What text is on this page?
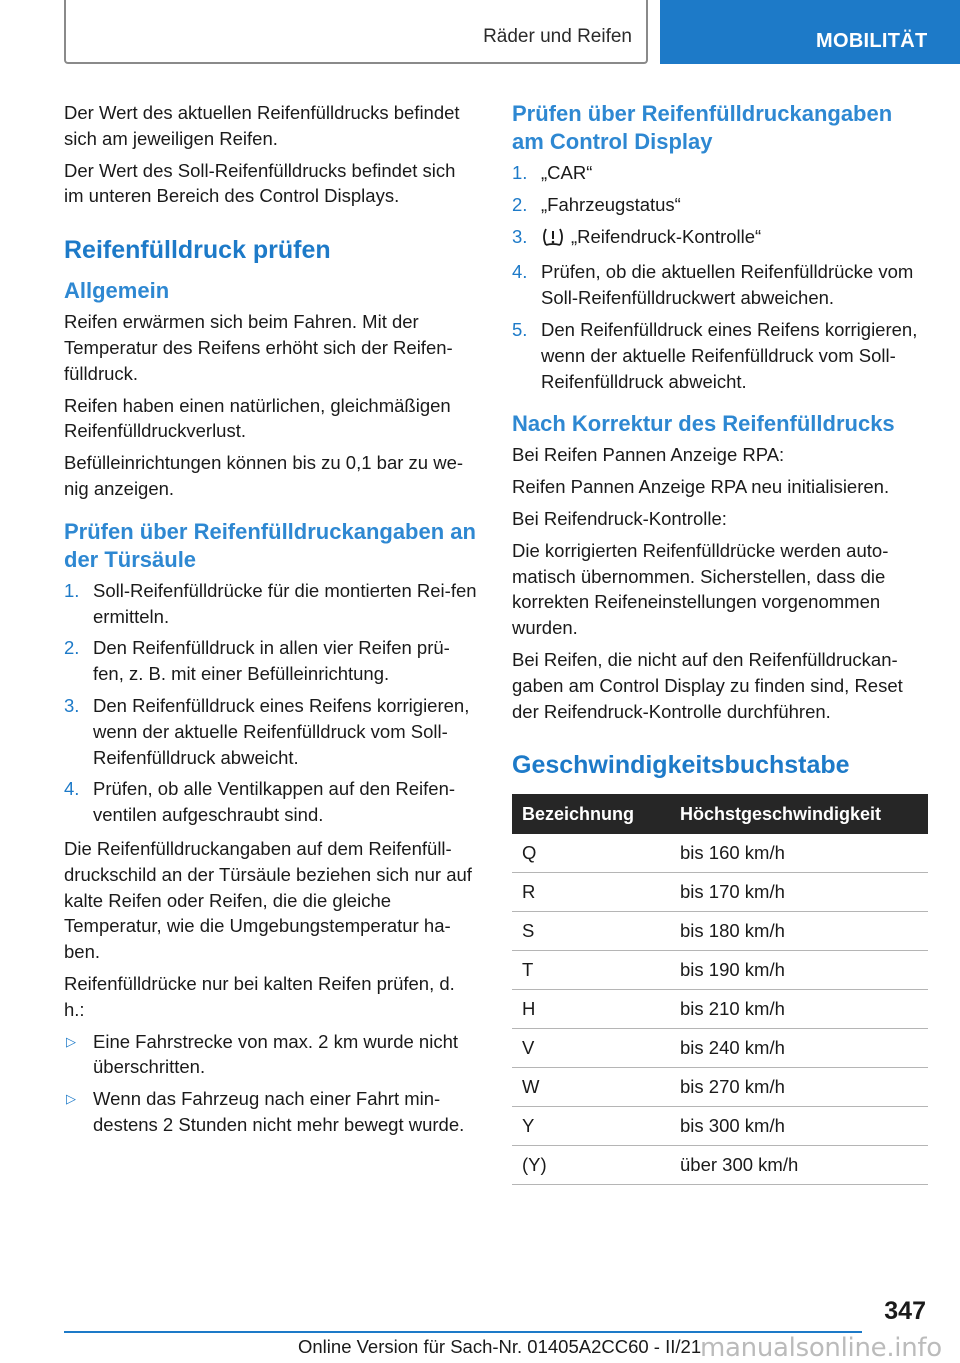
Räder und Reifen	MOBILITÄT

Der Wert des aktuellen Reifenfülldrucks befindet sich am jeweiligen Reifen.

Der Wert des Soll-Reifenfülldrucks befindet sich im unteren Bereich des Control Displays.

Reifenfülldruck prüfen
Allgemein

Reifen erwärmen sich beim Fahren. Mit der Temperatur des Reifens erhöht sich der Reifen-fülldruck.

Reifen haben einen natürlichen, gleichmäßigen Reifenfülldruckverlust.

Befülleinrichtungen können bis zu 0,1 bar zu we-nig anzeigen.

Prüfen über Reifenfülldruckangaben an der Türsäule
1. Soll-Reifenfülldrücke für die montierten Rei-fen ermitteln.
2. Den Reifenfülldruck in allen vier Reifen prü-fen, z. B. mit einer Befülleinrichtung.
3. Den Reifenfülldruck eines Reifens korrigieren, wenn der aktuelle Reifenfülldruck vom Soll-Reifenfülldruck abweicht.
4. Prüfen, ob alle Ventilkappen auf den Reifen-ventilen aufgeschraubt sind.

Die Reifenfülldruckangaben auf dem Reifenfüll-druckschild an der Türsäule beziehen sich nur auf kalte Reifen oder Reifen, die die gleiche Temperatur, wie die Umgebungstemperatur ha-ben.

Reifenfülldrücke nur bei kalten Reifen prüfen, d. h.:

▷ Eine Fahrstrecke von max. 2 km wurde nicht überschritten.
▷ Wenn das Fahrzeug nach einer Fahrt min-destens 2 Stunden nicht mehr bewegt wurde.
Prüfen über Reifenfülldruckangaben am Control Display
1. „CAR“
2. „Fahrzeugstatus“
3. „Reifendruck-Kontrolle“
4. Prüfen, ob die aktuellen Reifenfülldrücke vom Soll-Reifenfülldruckwert abweichen.
5. Den Reifenfülldruck eines Reifens korrigieren, wenn der aktuelle Reifenfülldruck vom Soll-Reifenfülldruck abweicht.
Nach Korrektur des Reifenfülldrucks

Bei Reifen Pannen Anzeige RPA:

Reifen Pannen Anzeige RPA neu initialisieren.

Bei Reifendruck-Kontrolle:

Die korrigierten Reifenfülldrücke werden auto-matisch übernommen. Sicherstellen, dass die korrekten Reifeneinstellungen vorgenommen wurden.

Bei Reifen, die nicht auf den Reifenfülldruckan-gaben am Control Display zu finden sind, Reset der Reifendruck-Kontrolle durchführen.

Geschwindigkeitsbuchstabe
Bezeichnung	Höchstgeschwindigkeit
Q	bis 160 km/h
R	bis 170 km/h
S	bis 180 km/h
T	bis 190 km/h
H	bis 210 km/h
V	bis 240 km/h
W	bis 270 km/h
Y	bis 300 km/h
(Y)	über 300 km/h
347
Online Version für Sach-Nr. 01405A2CC60 - II/21
manualsonline.info
